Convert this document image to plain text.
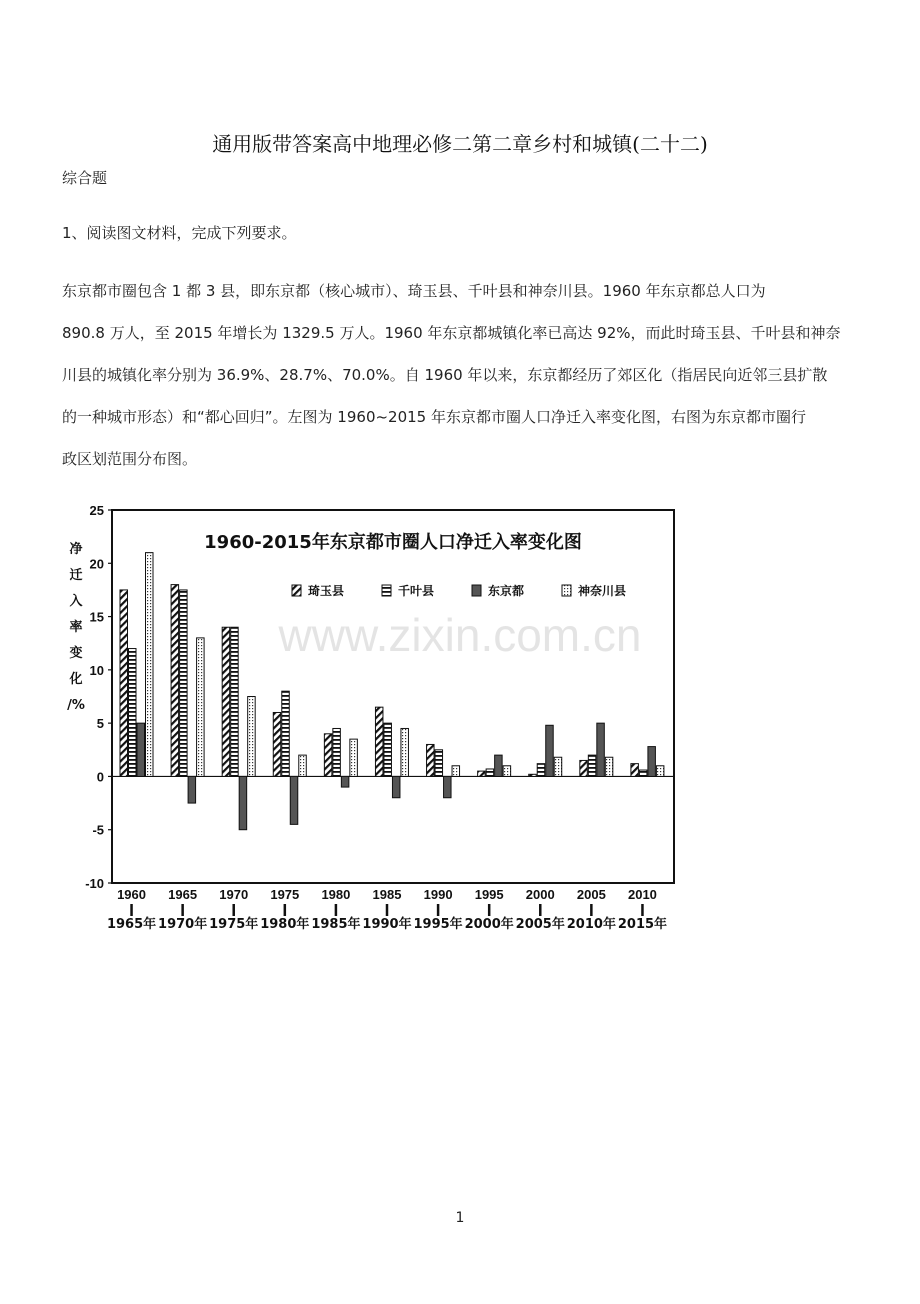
通用版带答案高中地理必修二第二章乡村和城镇(二十二)
综合题
1、阅读图文材料，完成下列要求。

东京都市圈包含 1 都 3 县，即东京都（核心城市）、琦玉县、千叶县和神奈川县。1960 年东京都总人口为

890.8 万人，至 2015 年增长为 1329.5 万人。1960 年东京都城镇化率已高达 92%，而此时琦玉县、千叶县和神奈

川县的城镇化率分别为 36.9%、28.7%、70.0%。自 1960 年以来，东京都经历了郊区化（指居民向近邻三县扩散

的一种城市形态）和“都心回归”。左图为 1960~2015 年东京都市圈人口净迁入率变化图，右图为东京都市圈行

政区划范围分布图。

25
20
15
10
5
0
-5
-10
净
迁
入
率
变
化
/%
1960-2015年东京都市圈人口净迁入率变化图
琦玉县	千叶县	东京都	神奈川县
1960
1965年
1965
1970年
1970
1975年
1975
1980年
1980
1985年
1985
1990年
1990
1995年
1995
2000年
2000
2005年
2005
2010年
2010
2015年
www.zixin.com.cn
1
